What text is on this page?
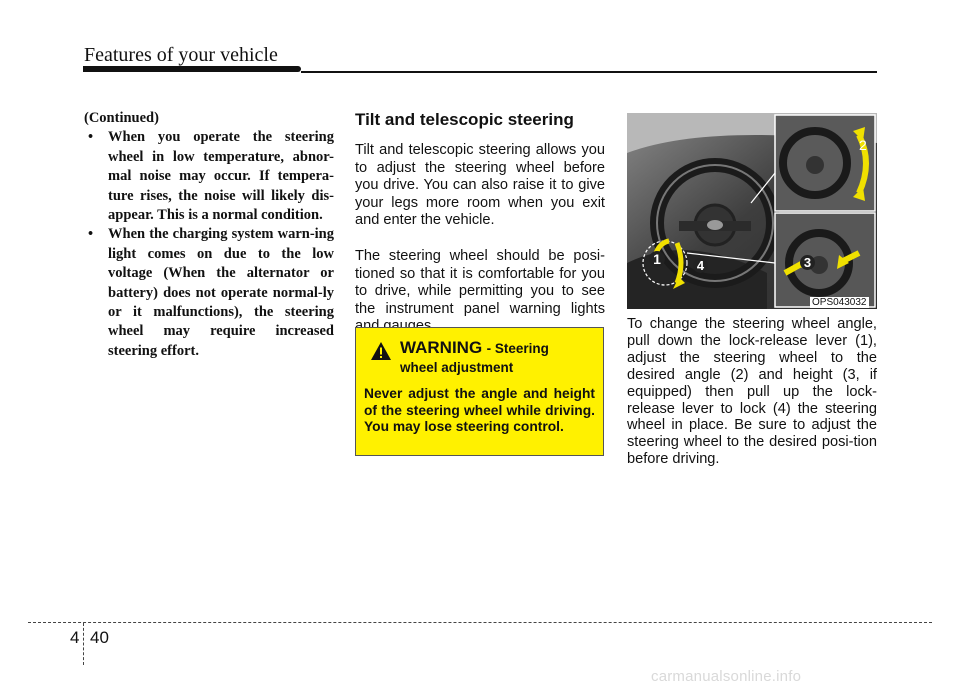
Features of your vehicle

(Continued)

• When you operate the steering wheel in low temperature, abnor-mal noise may occur. If tempera-ture rises, the noise will likely dis-appear. This is a normal condition.

• When the charging system warn-ing light comes on due to the low voltage (When the alternator or battery) does not operate normal-ly or it malfunctions), the steering wheel may require increased steering effort.

Tilt and telescopic steering

Tilt and telescopic steering allows you to adjust the steering wheel before you drive. You can also raise it to give your legs more room when you exit and enter the vehicle.

The steering wheel should be posi-tioned so that it is comfortable for you to drive, while permitting you to see the instrument panel warning lights

WARNING - Steering
wheel adjustment

Never adjust the angle and height of the steering wheel while driving. You may lose steering control.

1
2
3
4
OPS043032

To change the steering wheel angle, pull down the lock-release lever (1), adjust the steering wheel to the desired angle (2) and height (3, if equipped) then pull up the lock-release lever to lock (4) the steering wheel in place. Be sure to adjust the steering wheel to the desired posi-tion before driving.

4 40
carmanualsonline.info
